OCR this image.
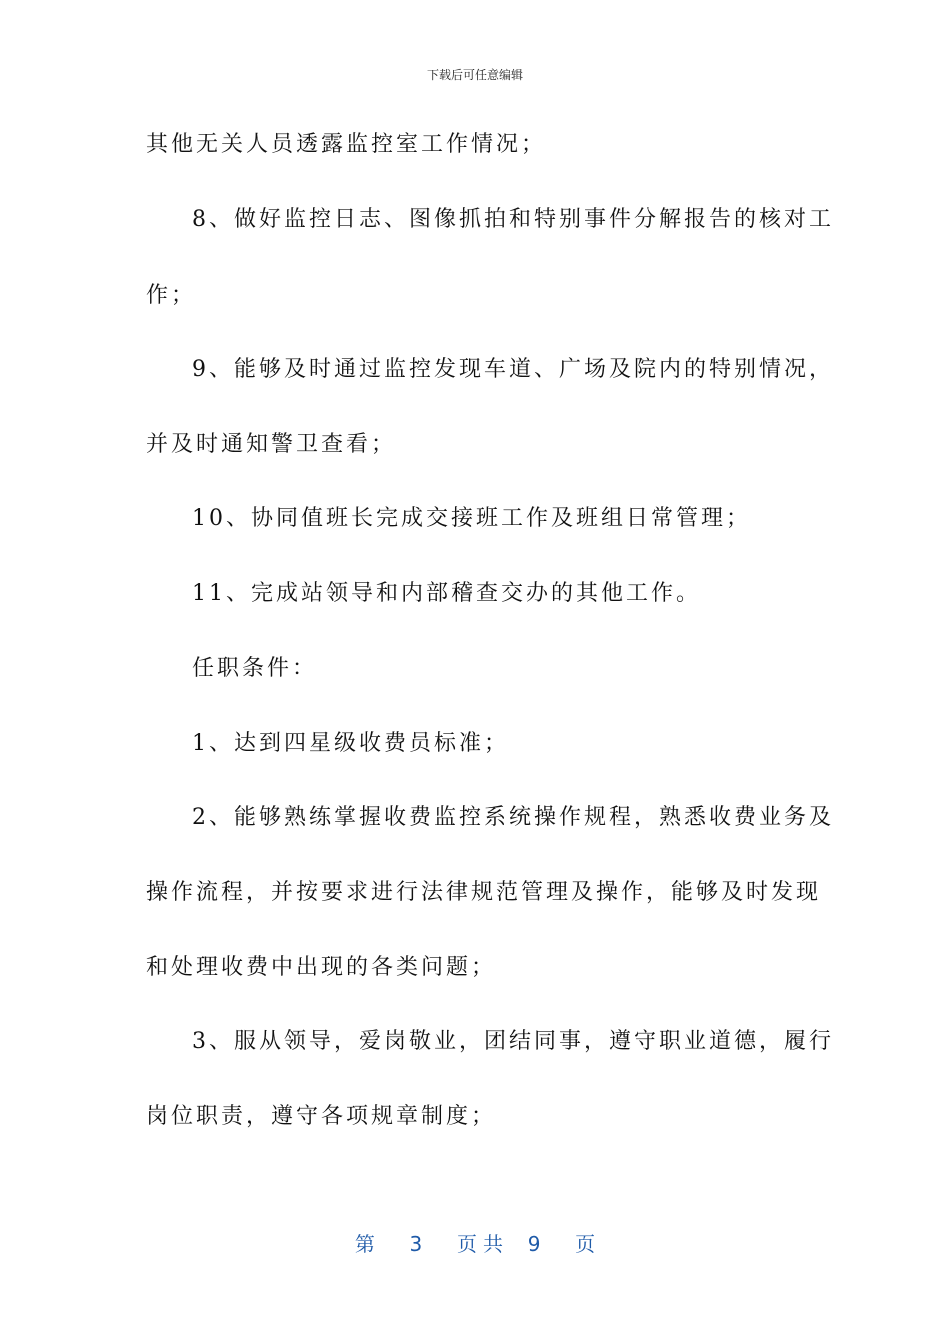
下载后可任意编辑
其他无关人员透露监控室工作情况；
8、做好监控日志、图像抓拍和特别事件分解报告的核对工
作；
9、能够及时通过监控发现车道、广场及院内的特别情况，
并及时通知警卫查看；
10、协同值班长完成交接班工作及班组日常管理；
11、完成站领导和内部稽查交办的其他工作。
任职条件：
1、达到四星级收费员标准；
2、能够熟练掌握收费监控系统操作规程，熟悉收费业务及
操作流程，并按要求进行法律规范管理及操作，能够及时发现
和处理收费中出现的各类问题；
3、服从领导，爱岗敬业，团结同事，遵守职业道德，履行
岗位职责，遵守各项规章制度；
第 3 页共 9 页
